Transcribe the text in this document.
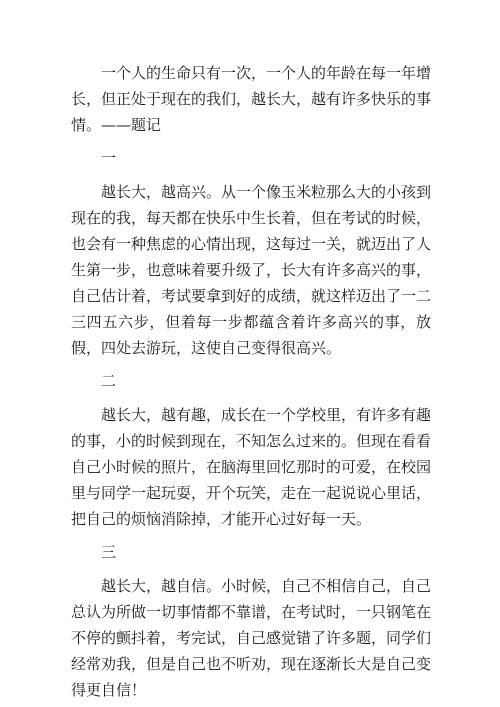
一个人的生命只有一次，一个人的年龄在每一年增长，但正处于现在的我们，越长大，越有许多快乐的事情。——题记

一

越长大，越高兴。从一个像玉米粒那么大的小孩到现在的我，每天都在快乐中生长着，但在考试的时候，也会有一种焦虑的心情出现，这每过一关，就迈出了人生第一步，也意味着要升级了，长大有许多高兴的事，自己估计着，考试要拿到好的成绩，就这样迈出了一二三四五六步，但着每一步都蕴含着许多高兴的事，放假，四处去游玩，这使自己变得很高兴。

二

越长大，越有趣，成长在一个学校里，有许多有趣的事，小的时候到现在，不知怎么过来的。但现在看看自己小时候的照片，在脑海里回忆那时的可爱，在校园里与同学一起玩耍，开个玩笑，走在一起说说心里话，把自己的烦恼消除掉，才能开心过好每一天。

三

越长大，越自信。小时候，自己不相信自己，自己总认为所做一切事情都不靠谱，在考试时，一只钢笔在不停的颤抖着，考完试，自己感觉错了许多题，同学们经常劝我，但是自己也不听劝，现在逐渐长大是自己变得更自信！
